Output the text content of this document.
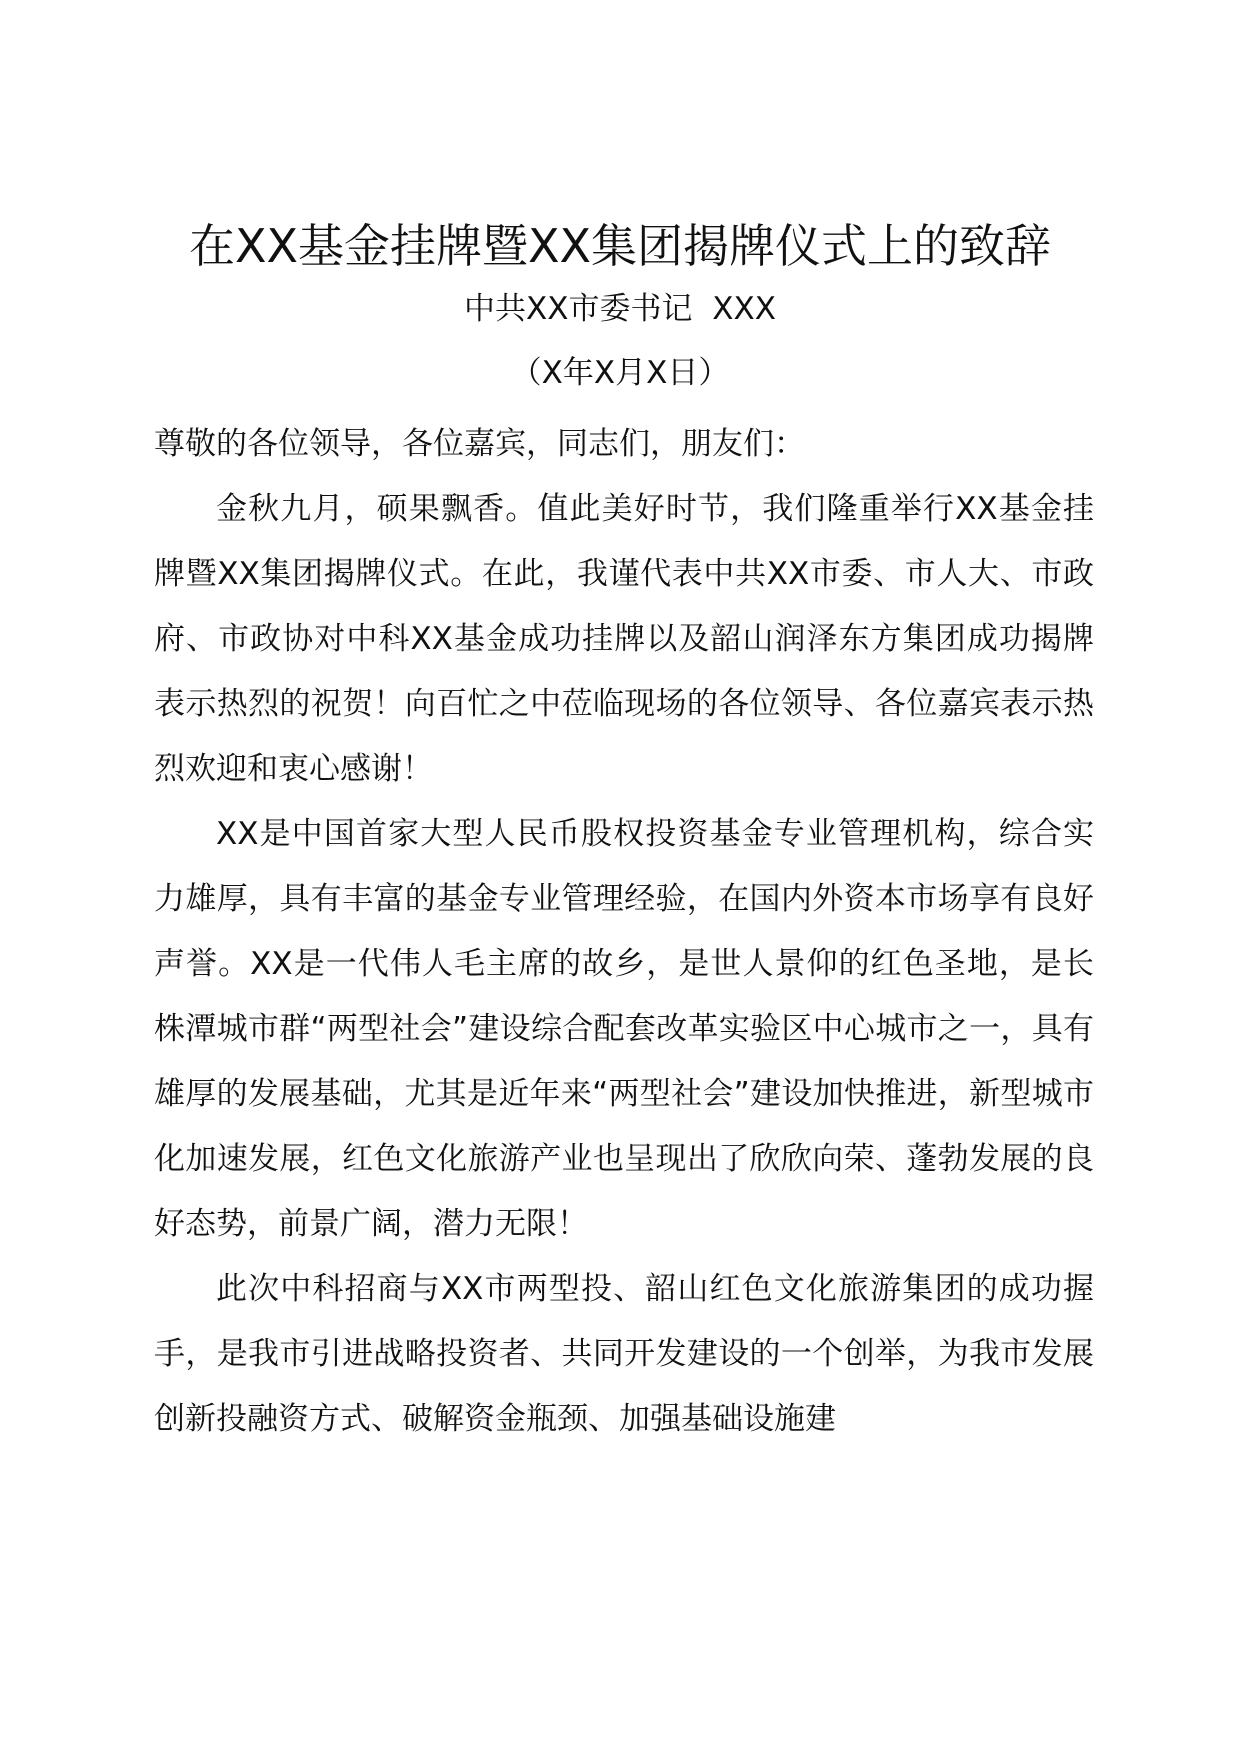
在XX基金挂牌暨XX集团揭牌仪式上的致辞
中共XX市委书记  XXX
（X年X月X日）

尊敬的各位领导，各位嘉宾，同志们，朋友们：

金秋九月，硕果飘香。值此美好时节，我们隆重举行XX基金挂牌暨XX集团揭牌仪式。在此，我谨代表中共XX市委、市人大、市政府、市政协对中科XX基金成功挂牌以及韶山润泽东方集团成功揭牌表示热烈的祝贺！向百忙之中莅临现场的各位领导、各位嘉宾表示热烈欢迎和衷心感谢！

XX是中国首家大型人民币股权投资基金专业管理机构，综合实力雄厚，具有丰富的基金专业管理经验，在国内外资本市场享有良好声誉。XX是一代伟人毛主席的故乡，是世人景仰的红色圣地，是长株潭城市群“两型社会”建设综合配套改革实验区中心城市之一，具有雄厚的发展基础，尤其是近年来“两型社会”建设加快推进，新型城市化加速发展，红色文化旅游产业也呈现出了欣欣向荣、蓬勃发展的良好态势，前景广阔，潜力无限！

此次中科招商与XX市两型投、韶山红色文化旅游集团的成功握手，是我市引进战略投资者、共同开发建设的一个创举，为我市发展创新投融资方式、破解资金瓶颈、加强基础设施建
